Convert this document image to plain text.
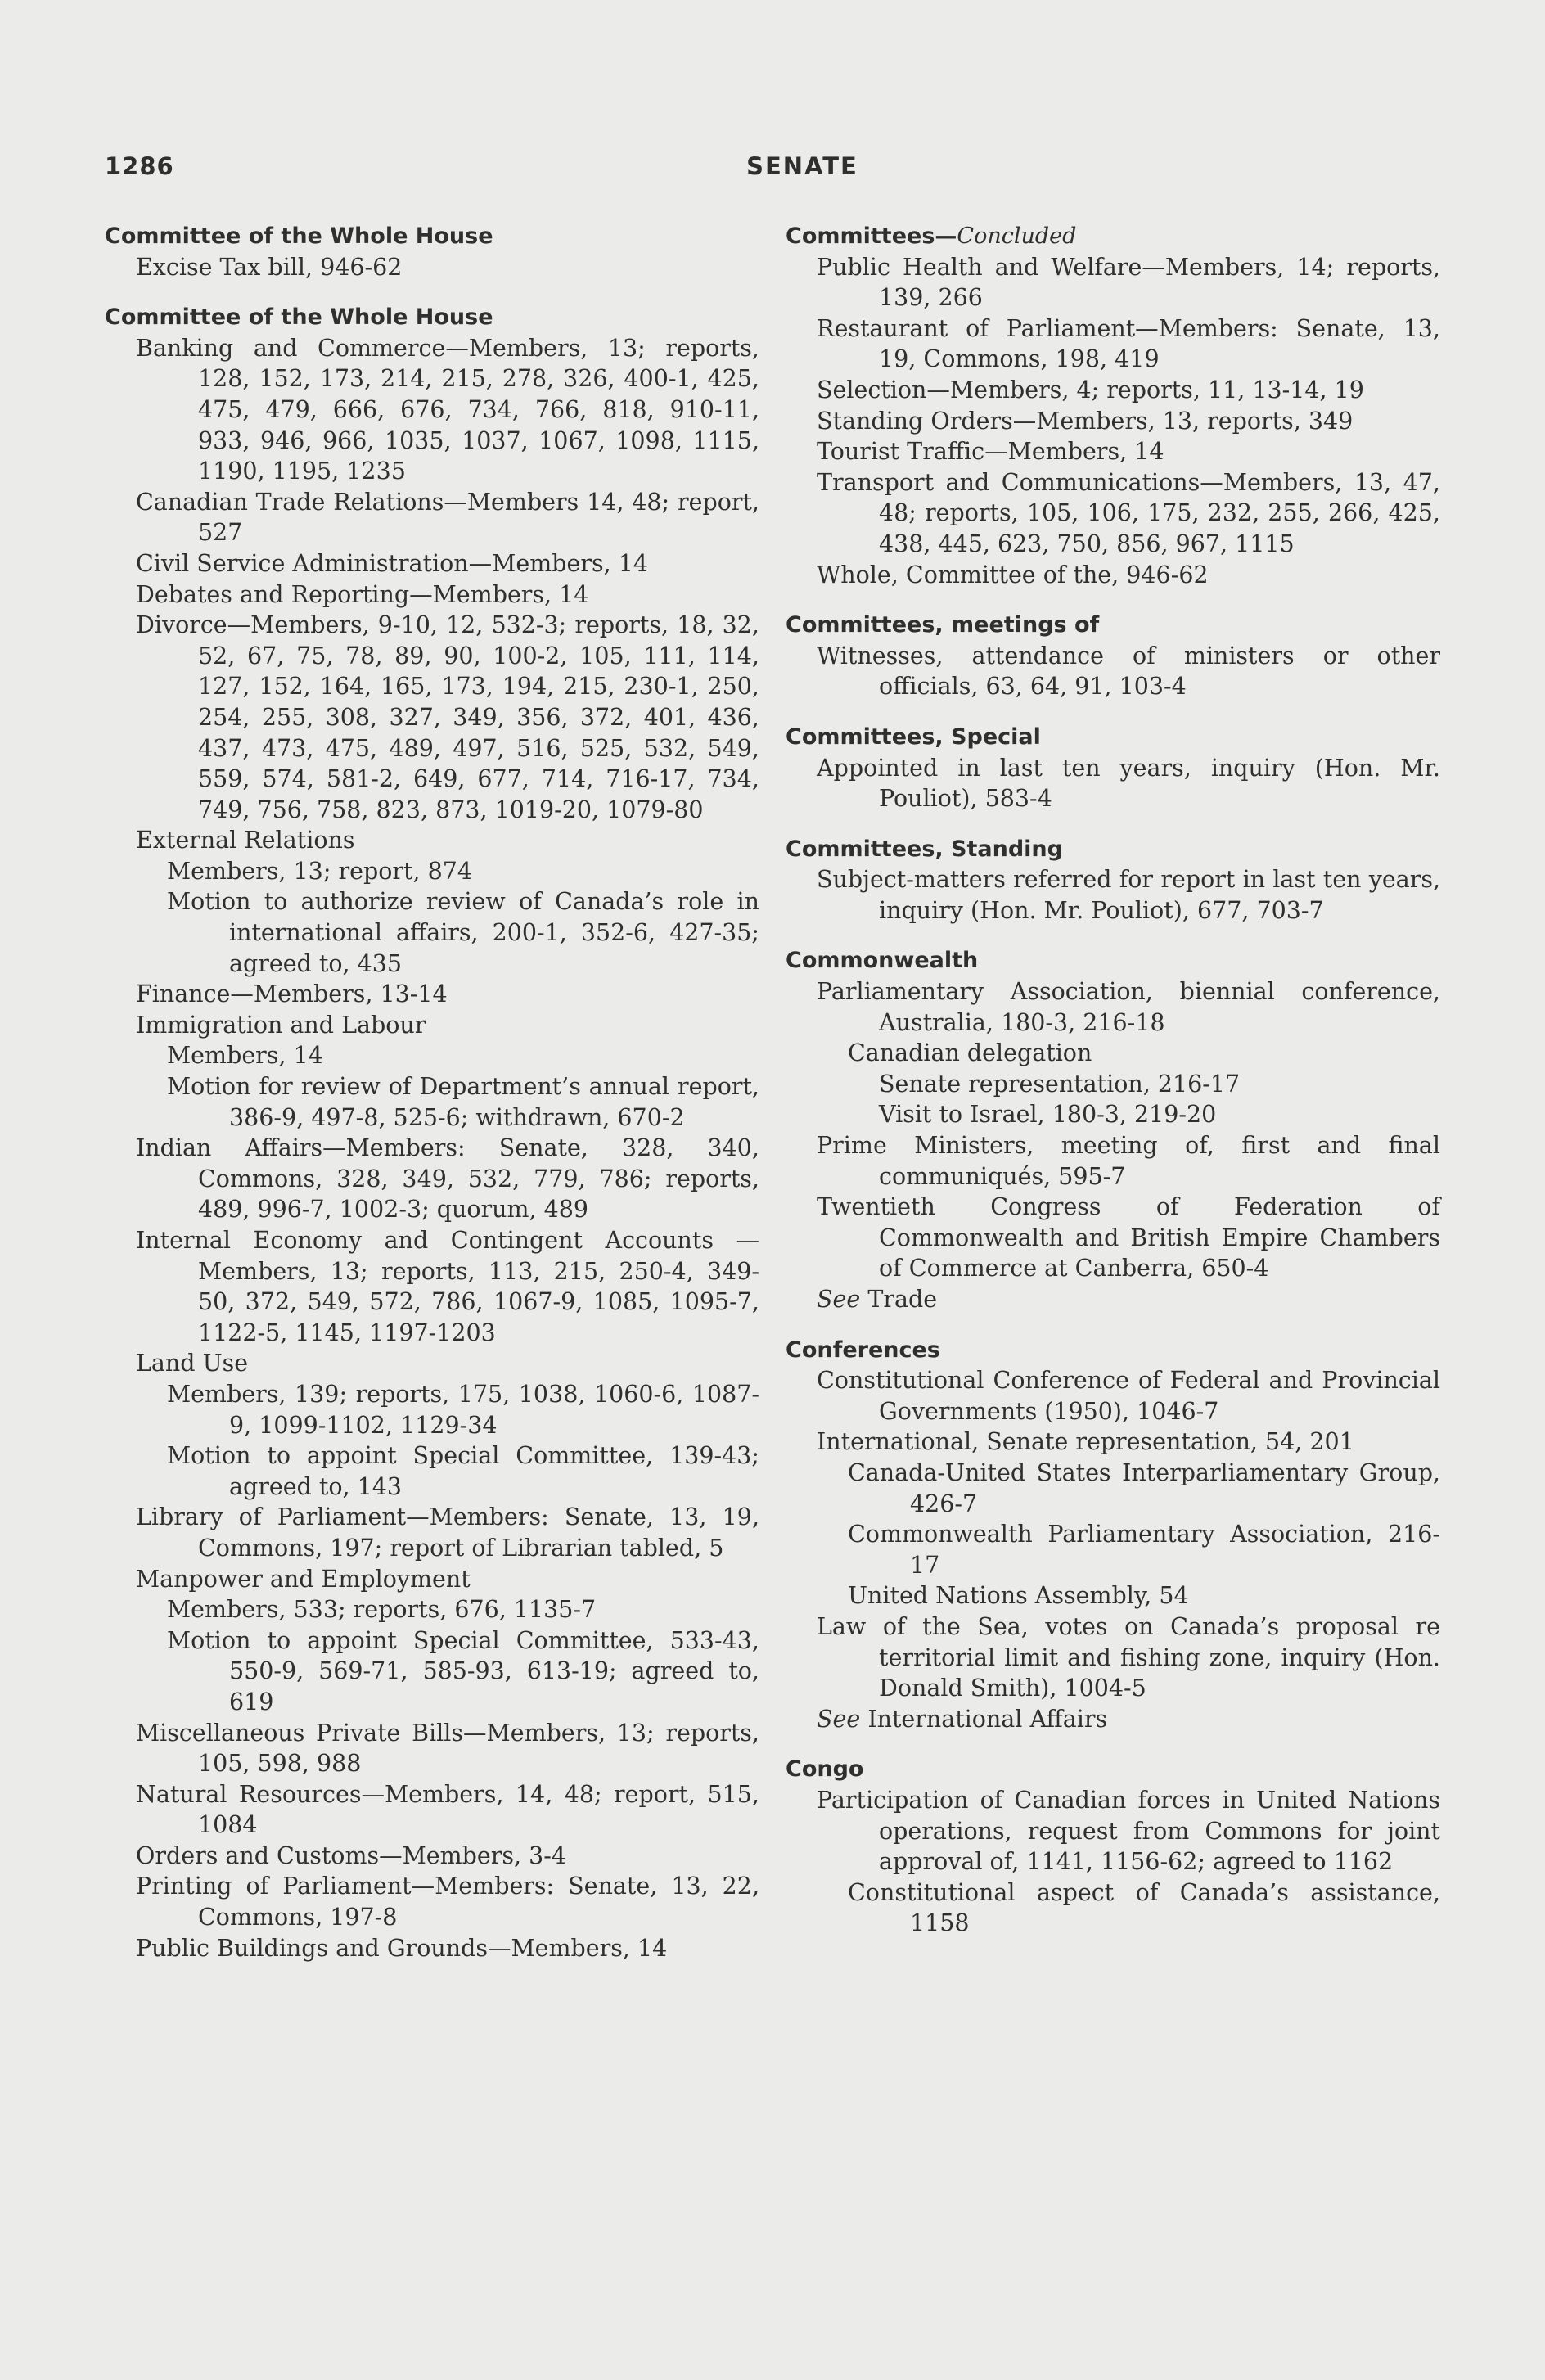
1286	SENATE
Committee of the Whole House
Excise Tax bill, 946-62
Committee of the Whole House
Banking and Commerce—Members, 13; reports, 128, 152, 173, 214, 215, 278, 326, 400-1, 425, 475, 479, 666, 676, 734, 766, 818, 910-11, 933, 946, 966, 1035, 1037, 1067, 1098, 1115, 1190, 1195, 1235
Canadian Trade Relations—Members 14, 48; report, 527
Civil Service Administration—Members, 14
Debates and Reporting—Members, 14
Divorce—Members, 9-10, 12, 532-3; reports, 18, 32, 52, 67, 75, 78, 89, 90, 100-2, 105, 111, 114, 127, 152, 164, 165, 173, 194, 215, 230-1, 250, 254, 255, 308, 327, 349, 356, 372, 401, 436, 437, 473, 475, 489, 497, 516, 525, 532, 549, 559, 574, 581-2, 649, 677, 714, 716-17, 734, 749, 756, 758, 823, 873, 1019-20, 1079-80
External Relations
Members, 13; report, 874
Motion to authorize review of Canada’s role in international affairs, 200-1, 352-6, 427-35; agreed to, 435
Finance—Members, 13-14
Immigration and Labour
Members, 14
Motion for review of Department’s annual report, 386-9, 497-8, 525-6; withdrawn, 670-2
Indian Affairs—Members: Senate, 328, 340, Commons, 328, 349, 532, 779, 786; reports, 489, 996-7, 1002-3; quorum, 489
Internal Economy and Contingent Accounts —Members, 13; reports, 113, 215, 250-4, 349-50, 372, 549, 572, 786, 1067-9, 1085, 1095-7, 1122-5, 1145, 1197-1203
Land Use
Members, 139; reports, 175, 1038, 1060-6, 1087-9, 1099-1102, 1129-34
Motion to appoint Special Committee, 139-43; agreed to, 143
Library of Parliament—Members: Senate, 13, 19, Commons, 197; report of Librarian tabled, 5
Manpower and Employment
Members, 533; reports, 676, 1135-7
Motion to appoint Special Committee, 533-43, 550-9, 569-71, 585-93, 613-19; agreed to, 619
Miscellaneous Private Bills—Members, 13; reports, 105, 598, 988
Natural Resources—Members, 14, 48; report, 515, 1084
Orders and Customs—Members, 3-4
Printing of Parliament—Members: Senate, 13, 22, Commons, 197-8
Public Buildings and Grounds—Members, 14
Committees—Concluded
Public Health and Welfare—Members, 14; reports, 139, 266
Restaurant of Parliament—Members: Senate, 13, 19, Commons, 198, 419
Selection—Members, 4; reports, 11, 13-14, 19
Standing Orders—Members, 13, reports, 349
Tourist Traffic—Members, 14
Transport and Communications—Members, 13, 47, 48; reports, 105, 106, 175, 232, 255, 266, 425, 438, 445, 623, 750, 856, 967, 1115
Whole, Committee of the, 946-62
Committees, meetings of
Witnesses, attendance of ministers or other officials, 63, 64, 91, 103-4
Committees, Special
Appointed in last ten years, inquiry (Hon. Mr. Pouliot), 583-4
Committees, Standing
Subject-matters referred for report in last ten years, inquiry (Hon. Mr. Pouliot), 677, 703-7
Commonwealth
Parliamentary Association, biennial conference, Australia, 180-3, 216-18
Canadian delegation
Senate representation, 216-17
Visit to Israel, 180-3, 219-20
Prime Ministers, meeting of, first and final communiqués, 595-7
Twentieth Congress of Federation of Commonwealth and British Empire Chambers of Commerce at Canberra, 650-4
See Trade
Conferences
Constitutional Conference of Federal and Provincial Governments (1950), 1046-7
International, Senate representation, 54, 201
Canada-United States Interparliamentary Group, 426-7
Commonwealth Parliamentary Association, 216-17
United Nations Assembly, 54
Law of the Sea, votes on Canada’s proposal re territorial limit and fishing zone, inquiry (Hon. Donald Smith), 1004-5
See International Affairs
Congo
Participation of Canadian forces in United Nations operations, request from Commons for joint approval of, 1141, 1156-62; agreed to 1162
Constitutional aspect of Canada’s assistance, 1158
